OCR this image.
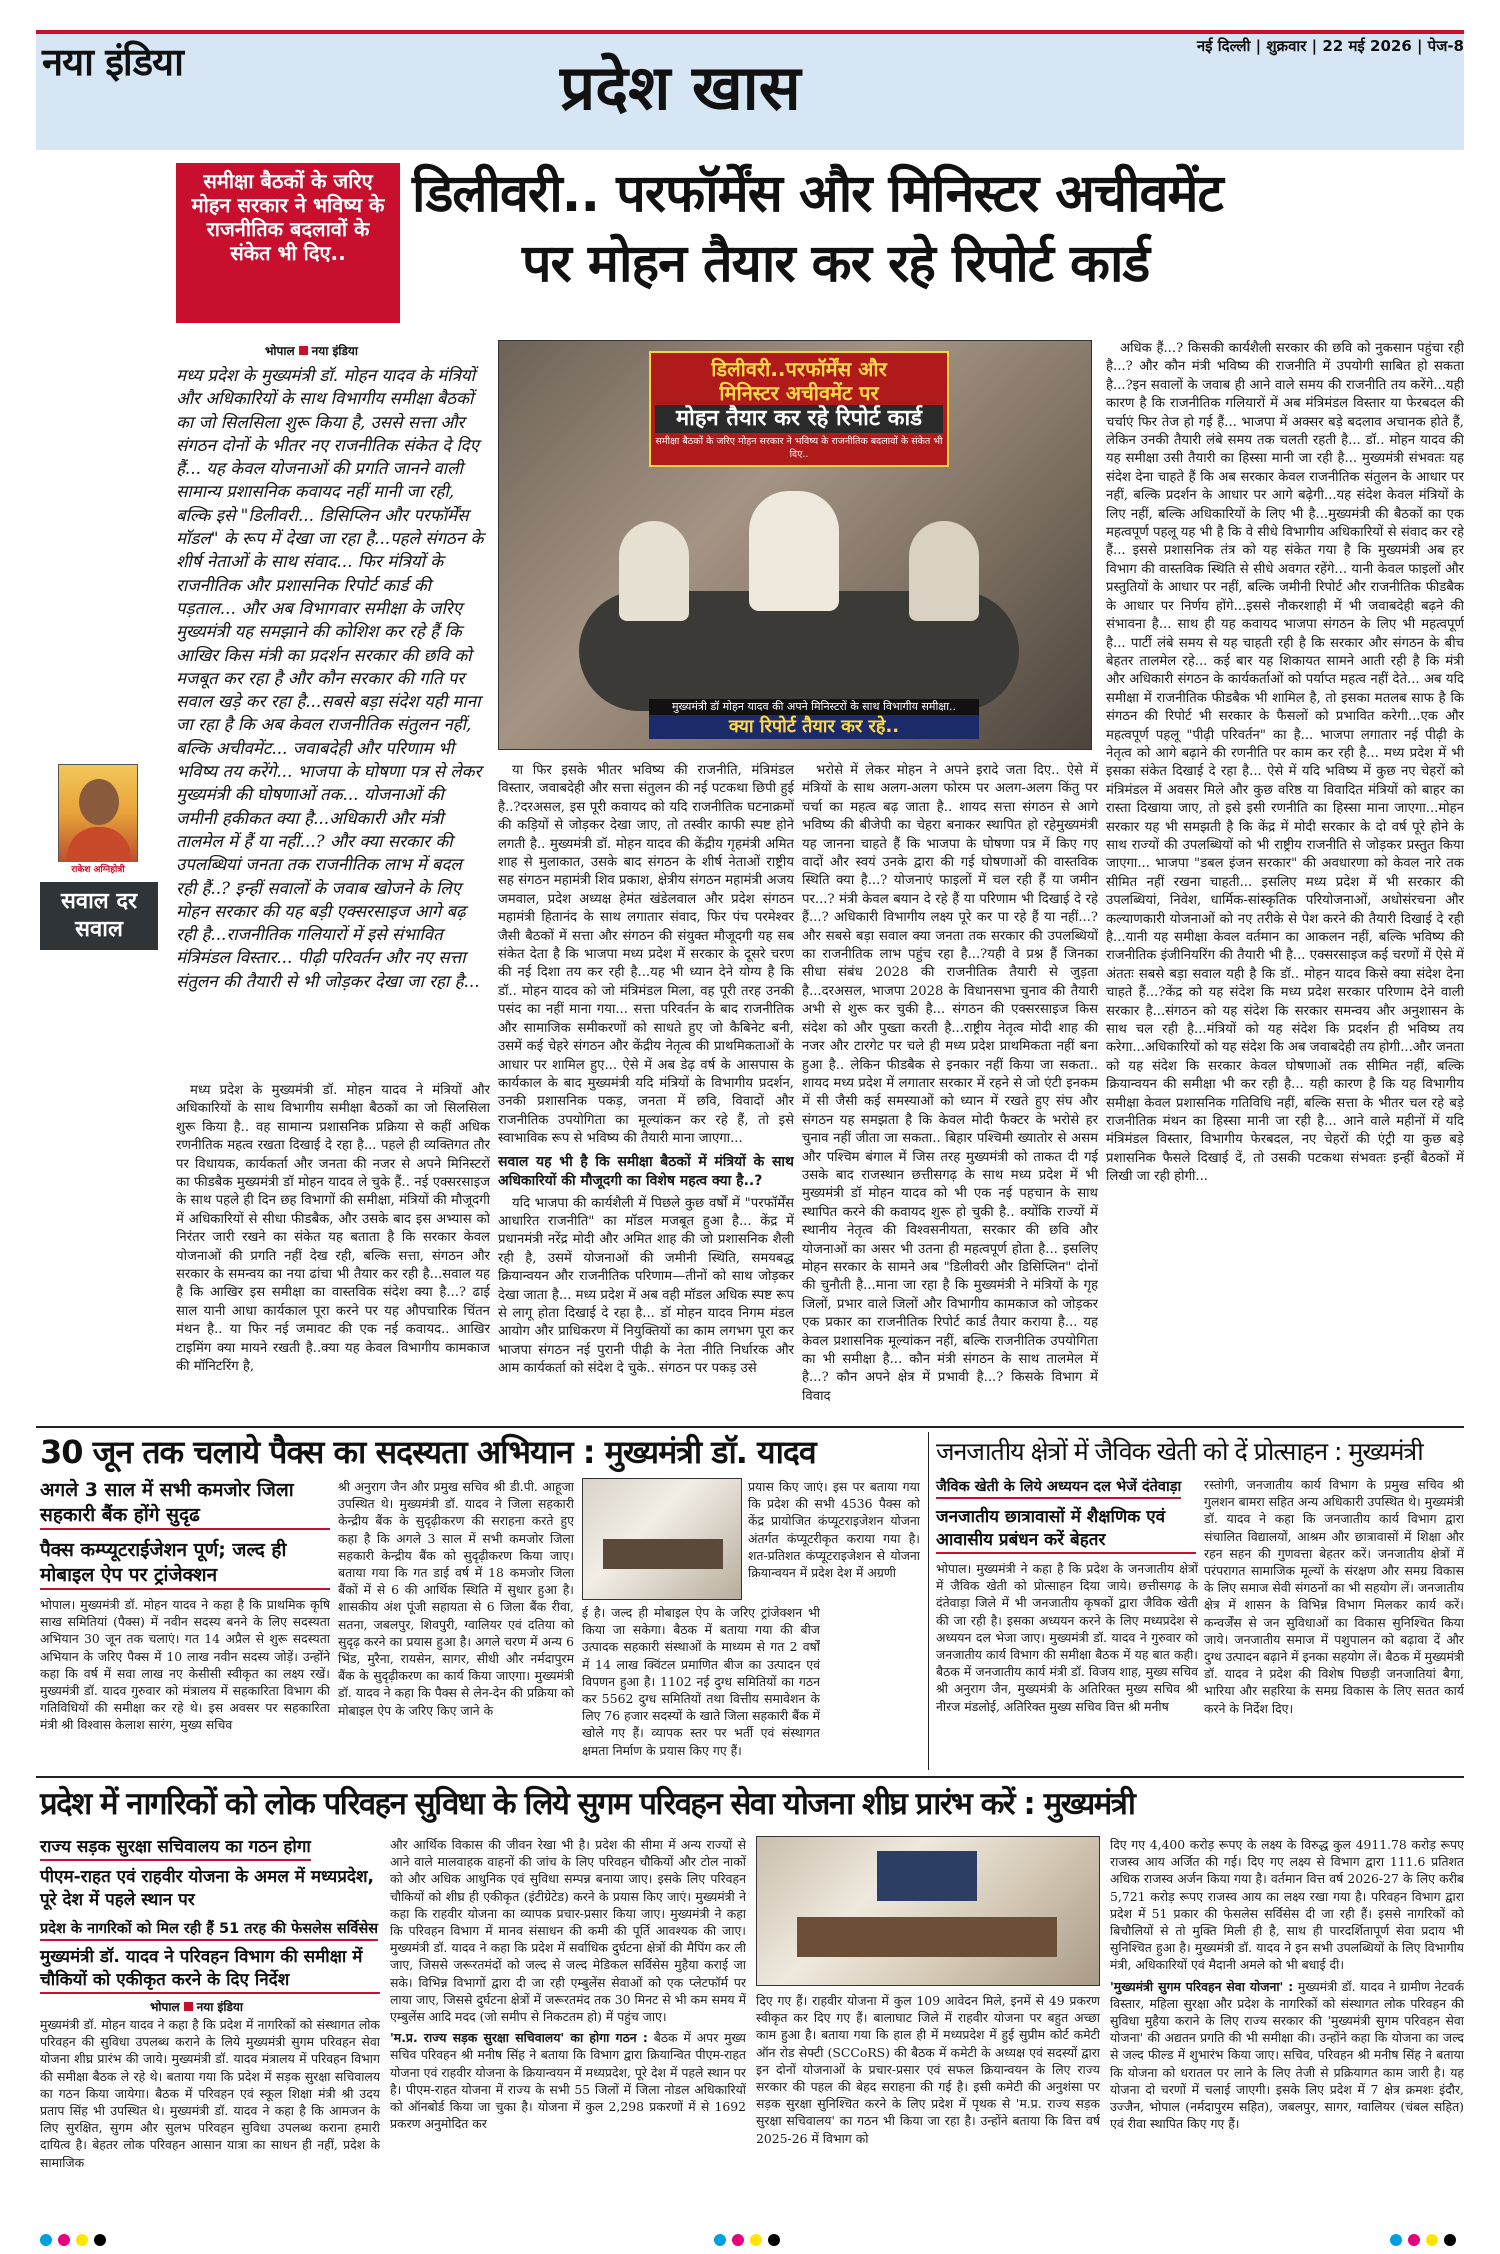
नया इंडिया	प्रदेश खास
नई दिल्ली | शुक्रवार | 22 मई 2026 | पेज-8
समीक्षा बैठकों के जरिए मोहन सरकार ने भविष्य के राजनीतिक बदलावों के संकेत भी दिए..
डिलीवरी.. परफॉर्मेंस और मिनिस्टर अचीवमेंट
पर मोहन तैयार कर रहे रिपोर्ट कार्ड
भोपाल नया इंडिया
मध्य प्रदेश के मुख्यमंत्री डॉ. मोहन यादव के मंत्रियों और अधिकारियों के साथ विभागीय समीक्षा बैठकों का जो सिलसिला शुरू किया है, उससे सत्ता और संगठन दोनों के भीतर नए राजनीतिक संकेत दे दिए हैं... यह केवल योजनाओं की प्रगति जानने वाली सामान्य प्रशासनिक कवायद नहीं मानी जा रही, बल्कि इसे "डिलीवरी... डिसिप्लिन और परफॉर्मेंस मॉडल" के रूप में देखा जा रहा है...पहले संगठन के शीर्ष नेताओं के साथ संवाद... फिर मंत्रियों के राजनीतिक और प्रशासनिक रिपोर्ट कार्ड की पड़ताल... और अब विभागवार समीक्षा के जरिए मुख्यमंत्री यह समझाने की कोशिश कर रहे हैं कि आखिर किस मंत्री का प्रदर्शन सरकार की छवि को मजबूत कर रहा है और कौन सरकार की गति पर सवाल खड़े कर रहा है...सबसे बड़ा संदेश यही माना जा रहा है कि अब केवल राजनीतिक संतुलन नहीं, बल्कि अचीवमेंट... जवाबदेही और परिणाम भी भविष्य तय करेंगे... भाजपा के घोषणा पत्र से लेकर मुख्यमंत्री की घोषणाओं तक... योजनाओं की जमीनी हकीकत क्या है...अधिकारी और मंत्री तालमेल में हैं या नहीं...? और क्या सरकार की उपलब्धियां जनता तक राजनीतिक लाभ में बदल रही हैं..? इन्हीं सवालों के जवाब खोजने के लिए मोहन सरकार की यह बड़ी एक्सरसाइज आगे बढ़ रही है...राजनीतिक गलियारों में इसे संभावित मंत्रिमंडल विस्तार... पीढ़ी परिवर्तन और नए सत्ता संतुलन की तैयारी से भी जोड़कर देखा जा रहा है...
राकेश अग्निहोत्री
सवाल दर सवाल
डिलीवरी..परफॉर्मेंस और
मिनिस्टर अचीवमेंट पर
मोहन तैयार कर रहे रिपोर्ट कार्ड
समीक्षा बैठकों के जरिए मोहन सरकार ने भविष्य के राजनीतिक बदलावों के संकेत भी दिए..
मुख्यमंत्री डॉ मोहन यादव की अपने मिनिस्टरों के साथ विभागीय समीक्षा..
क्या रिपोर्ट तैयार कर रहे..
मध्य प्रदेश के मुख्यमंत्री डॉ. मोहन यादव ने मंत्रियों और अधिकारियों के साथ विभागीय समीक्षा बैठकों का जो सिलसिला शुरू किया है.. वह सामान्य प्रशासनिक प्रक्रिया से कहीं अधिक रणनीतिक महत्व रखता दिखाई दे रहा है... पहले ही व्यक्तिगत तौर पर विधायक, कार्यकर्ता और जनता की नजर से अपने मिनिस्टरों का फीडबैक मुख्यमंत्री डॉ मोहन यादव ले चुके हैं.. नई एक्सरसाइज के साथ पहले ही दिन छह विभागों की समीक्षा, मंत्रियों की मौजूदगी में अधिकारियों से सीधा फीडबैक, और उसके बाद इस अभ्यास को निरंतर जारी रखने का संकेत यह बताता है कि सरकार केवल योजनाओं की प्रगति नहीं देख रही, बल्कि सत्ता, संगठन और सरकार के समन्वय का नया ढांचा भी तैयार कर रही है...सवाल यह है कि आखिर इस समीक्षा का वास्तविक संदेश क्या है...? ढाई साल यानी आधा कार्यकाल पूरा करने पर यह औपचारिक चिंतन मंथन है.. या फिर नई जमावट की एक नई कवायद.. आखिर टाइमिंग क्या मायने रखती है..क्या यह केवल विभागीय कामकाज की मॉनिटरिंग है,

या फिर इसके भीतर भविष्य की राजनीति, मंत्रिमंडल विस्तार, जवाबदेही और सत्ता संतुलन की नई पटकथा छिपी हुई है..?दरअसल, इस पूरी कवायद को यदि राजनीतिक घटनाक्रमों की कड़ियों से जोड़कर देखा जाए, तो तस्वीर काफी स्पष्ट होने लगती है.. मुख्यमंत्री डॉ. मोहन यादव की केंद्रीय गृहमंत्री अमित शाह से मुलाकात, उसके बाद संगठन के शीर्ष नेताओं राष्ट्रीय सह संगठन महामंत्री शिव प्रकाश, क्षेत्रीय संगठन महामंत्री अजय जमवाल, प्रदेश अध्यक्ष हेमंत खंडेलवाल और प्रदेश संगठन महामंत्री हितानंद के साथ लगातार संवाद, फिर पंच परमेश्वर जैसी बैठकों में सत्ता और संगठन की संयुक्त मौजूदगी यह सब संकेत देता है कि भाजपा मध्य प्रदेश में सरकार के दूसरे चरण की नई दिशा तय कर रही है...यह भी ध्यान देने योग्य है कि डॉ.. मोहन यादव को जो मंत्रिमंडल मिला, वह पूरी तरह उनकी पसंद का नहीं माना गया... सत्ता परिवर्तन के बाद राजनीतिक और सामाजिक समीकरणों को साधते हुए जो कैबिनेट बनी, उसमें कई चेहरे संगठन और केंद्रीय नेतृत्व की प्राथमिकताओं के आधार पर शामिल हुए... ऐसे में अब डेढ़ वर्ष के आसपास के कार्यकाल के बाद मुख्यमंत्री यदि मंत्रियों के विभागीय प्रदर्शन, उनकी प्रशासनिक पकड़, जनता में छवि, विवादों और राजनीतिक उपयोगिता का मूल्यांकन कर रहे हैं, तो इसे स्वाभाविक रूप से भविष्य की तैयारी माना जाएगा...

सवाल यह भी है कि समीक्षा बैठकों में मंत्रियों के साथ अधिकारियों की मौजूदगी का विशेष महत्व क्या है..?

यदि भाजपा की कार्यशैली में पिछले कुछ वर्षों में "परफॉर्मेंस आधारित राजनीति" का मॉडल मजबूत हुआ है... केंद्र में प्रधानमंत्री नरेंद्र मोदी और अमित शाह की जो प्रशासनिक शैली रही है, उसमें योजनाओं की जमीनी स्थिति, समयबद्ध क्रियान्वयन और राजनीतिक परिणाम—तीनों को साथ जोड़कर देखा जाता है... मध्य प्रदेश में अब वही मॉडल अधिक स्पष्ट रूप से लागू होता दिखाई दे रहा है... डॉ मोहन यादव निगम मंडल आयोग और प्राधिकरण में नियुक्तियों का काम लगभग पूरा कर भाजपा संगठन नई पुरानी पीढ़ी के नेता नीति निर्धारक और आम कार्यकर्ता को संदेश दे चुके.. संगठन पर पकड़ उसे

भरोसे में लेकर मोहन ने अपने इरादे जता दिए.. ऐसे में मंत्रियों के साथ अलग-अलग फोरम पर अलग-अलग किंतु पर चर्चा का महत्व बढ़ जाता है.. शायद सत्ता संगठन से आगे भविष्य की बीजेपी का चेहरा बनाकर स्थापित हो रहेमुख्यमंत्री यह जानना चाहते हैं कि भाजपा के घोषणा पत्र में किए गए वादों और स्वयं उनके द्वारा की गई घोषणाओं की वास्तविक स्थिति क्या है...? योजनाएं फाइलों में चल रही हैं या जमीन पर...? मंत्री केवल बयान दे रहे हैं या परिणाम भी दिखाई दे रहे हैं...? अधिकारी विभागीय लक्ष्य पूरे कर पा रहे हैं या नहीं...? और सबसे बड़ा सवाल क्या जनता तक सरकार की उपलब्धियों का राजनीतिक लाभ पहुंच रहा है...?यही वे प्रश्न हैं जिनका सीधा संबंध 2028 की राजनीतिक तैयारी से जुड़ता है...दरअसल, भाजपा 2028 के विधानसभा चुनाव की तैयारी अभी से शुरू कर चुकी है... संगठन की एक्सरसाइज किस संदेश को और पुख्ता करती है...राष्ट्रीय नेतृत्व मोदी शाह की नजर और टारगेट पर चले ही मध्य प्रदेश प्राथमिकता नहीं बना हुआ है.. लेकिन फीडबैक से इनकार नहीं किया जा सकता.. शायद मध्य प्रदेश में लगातार सरकार में रहने से जो एंटी इनकम में सी जैसी कई समस्याओं को ध्यान में रखते हुए संघ और संगठन यह समझता है कि केवल मोदी फैक्टर के भरोसे हर चुनाव नहीं जीता जा सकता.. बिहार पश्चिमी ख्यातोर से असम और पश्चिम बंगाल में जिस तरह मुख्यमंत्री को ताकत दी गई उसके बाद राजस्थान छत्तीसगढ़ के साथ मध्य प्रदेश में भी मुख्यमंत्री डॉ मोहन यादव को भी एक नई पहचान के साथ स्थापित करने की कवायद शुरू हो चुकी है.. क्योंकि राज्यों में स्थानीय नेतृत्व की विश्वसनीयता, सरकार की छवि और योजनाओं का असर भी उतना ही महत्वपूर्ण होता है... इसलिए मोहन सरकार के सामने अब "डिलीवरी और डिसिप्लिन" दोनों की चुनौती है...माना जा रहा है कि मुख्यमंत्री ने मंत्रियों के गृह जिलों, प्रभार वाले जिलों और विभागीय कामकाज को जोड़कर एक प्रकार का राजनीतिक रिपोर्ट कार्ड तैयार कराया है... यह केवल प्रशासनिक मूल्यांकन नहीं, बल्कि राजनीतिक उपयोगिता का भी समीक्षा है... कौन मंत्री संगठन के साथ तालमेल में है...? कौन अपने क्षेत्र में प्रभावी है...? किसके विभाग में विवाद
अधिक हैं...? किसकी कार्यशैली सरकार की छवि को नुकसान पहुंचा रही है...? और कौन मंत्री भविष्य की राजनीति में उपयोगी साबित हो सकता है...?इन सवालों के जवाब ही आने वाले समय की राजनीति तय करेंगे...यही कारण है कि राजनीतिक गलियारों में अब मंत्रिमंडल विस्तार या फेरबदल की चर्चाएं फिर तेज हो गई हैं... भाजपा में अक्सर बड़े बदलाव अचानक होते हैं, लेकिन उनकी तैयारी लंबे समय तक चलती रहती है... डॉ.. मोहन यादव की यह समीक्षा उसी तैयारी का हिस्सा मानी जा रही है... मुख्यमंत्री संभवतः यह संदेश देना चाहते हैं कि अब सरकार केवल राजनीतिक संतुलन के आधार पर नहीं, बल्कि प्रदर्शन के आधार पर आगे बढ़ेगी...यह संदेश केवल मंत्रियों के लिए नहीं, बल्कि अधिकारियों के लिए भी है...मुख्यमंत्री की बैठकों का एक महत्वपूर्ण पहलू यह भी है कि वे सीधे विभागीय अधिकारियों से संवाद कर रहे हैं... इससे प्रशासनिक तंत्र को यह संकेत गया है कि मुख्यमंत्री अब हर विभाग की वास्तविक स्थिति से सीधे अवगत रहेंगे... यानी केवल फाइलों और प्रस्तुतियों के आधार पर नहीं, बल्कि जमीनी रिपोर्ट और राजनीतिक फीडबैक के आधार पर निर्णय होंगे...इससे नौकरशाही में भी जवाबदेही बढ़ने की संभावना है... साथ ही यह कवायद भाजपा संगठन के लिए भी महत्वपूर्ण है... पार्टी लंबे समय से यह चाहती रही है कि सरकार और संगठन के बीच बेहतर तालमेल रहे... कई बार यह शिकायत सामने आती रही है कि मंत्री और अधिकारी संगठन के कार्यकर्ताओं को पर्याप्त महत्व नहीं देते... अब यदि समीक्षा में राजनीतिक फीडबैक भी शामिल है, तो इसका मतलब साफ है कि संगठन की रिपोर्ट भी सरकार के फैसलों को प्रभावित करेगी...एक और महत्वपूर्ण पहलू "पीढ़ी परिवर्तन" का है... भाजपा लगातार नई पीढ़ी के नेतृत्व को आगे बढ़ाने की रणनीति पर काम कर रही है... मध्य प्रदेश में भी इसका संकेत दिखाई दे रहा है... ऐसे में यदि भविष्य में कुछ नए चेहरों को मंत्रिमंडल में अवसर मिले और कुछ वरिष्ठ या विवादित मंत्रियों को बाहर का रास्ता दिखाया जाए, तो इसे इसी रणनीति का हिस्सा माना जाएगा...मोहन सरकार यह भी समझती है कि केंद्र में मोदी सरकार के दो वर्ष पूरे होने के साथ राज्यों की उपलब्धियों को भी राष्ट्रीय राजनीति से जोड़कर प्रस्तुत किया जाएगा... भाजपा "डबल इंजन सरकार" की अवधारणा को केवल नारे तक सीमित नहीं रखना चाहती... इसलिए मध्य प्रदेश में भी सरकार की उपलब्धियां, निवेश, धार्मिक-सांस्कृतिक परियोजनाओं, अधोसंरचना और कल्याणकारी योजनाओं को नए तरीके से पेश करने की तैयारी दिखाई दे रही है...यानी यह समीक्षा केवल वर्तमान का आकलन नहीं, बल्कि भविष्य की राजनीतिक इंजीनियरिंग की तैयारी भी है... एक्सरसाइज कई चरणों में ऐसे में अंततः सबसे बड़ा सवाल यही है कि डॉ.. मोहन यादव किसे क्या संदेश देना चाहते हैं...?केंद्र को यह संदेश कि मध्य प्रदेश सरकार परिणाम देने वाली सरकार है...संगठन को यह संदेश कि सरकार समन्वय और अनुशासन के साथ चल रही है...मंत्रियों को यह संदेश कि प्रदर्शन ही भविष्य तय करेगा...अधिकारियों को यह संदेश कि अब जवाबदेही तय होगी...और जनता को यह संदेश कि सरकार केवल घोषणाओं तक सीमित नहीं, बल्कि क्रियान्वयन की समीक्षा भी कर रही है... यही कारण है कि यह विभागीय समीक्षा केवल प्रशासनिक गतिविधि नहीं, बल्कि सत्ता के भीतर चल रहे बड़े राजनीतिक मंथन का हिस्सा मानी जा रही है... आने वाले महीनों में यदि मंत्रिमंडल विस्तार, विभागीय फेरबदल, नए चेहरों की एंट्री या कुछ बड़े प्रशासनिक फैसले दिखाई दें, तो उसकी पटकथा संभवतः इन्हीं बैठकों में लिखी जा रही होगी...
30 जून तक चलाये पैक्स का सदस्यता अभियान : मुख्यमंत्री डॉ. यादव
अगले 3 साल में सभी कमजोर जिला सहकारी बैंक होंगे सुदृढ
पैक्स कम्प्यूटराईजेशन पूर्ण; जल्द ही मोबाइल ऐप पर ट्रांजेक्शन
भोपाल। मुख्यमंत्री डॉ. मोहन यादव ने कहा है कि प्राथमिक कृषि साख समितियां (पैक्स) में नवीन सदस्य बनने के लिए सदस्यता अभियान 30 जून तक चलाएं। गत 14 अप्रैल से शुरू सदस्यता अभियान के जरिए पैक्स में 10 लाख नवीन सदस्य जोड़ें। उन्होंने कहा कि वर्ष में सवा लाख नए केसीसी स्वीकृत का लक्ष्य रखें। मुख्यमंत्री डॉ. यादव गुरुवार को मंत्रालय में सहकारिता विभाग की गतिविधियों की समीक्षा कर रहे थे। इस अवसर पर सहकारिता मंत्री श्री विश्वास केलाश सारंग, मुख्य सचिव
श्री अनुराग जैन और प्रमुख सचिव श्री डी.पी. आहूजा उपस्थित थे। मुख्यमंत्री डॉ. यादव ने जिला सहकारी केन्द्रीय बैंक के सुदृढ़ीकरण की सराहना करते हुए कहा है कि अगले 3 साल में सभी कमजोर जिला सहकारी केन्द्रीय बैंक को सुदृढ़ीकरण किया जाए। बताया गया कि गत डाई वर्ष में 18 कमजोर जिला बैंकों में से 6 की आर्थिक स्थिति में सुधार हुआ है। शासकीय अंश पूंजी सहायता से 6 जिला बैंक रीवा, सतना, जबलपुर, शिवपुरी, ग्वालियर एवं दतिया को सुदृढ़ करने का प्रयास हुआ है। अगले चरण में अन्य 6 भिंड, मुरैना, रायसेन, सागर, सीधी और नर्मदापुरम बैंक के सुदृढ़ीकरण का कार्य किया जाएगा। मुख्यमंत्री डॉ. यादव ने कहा कि पैक्स से लेन-देन की प्रक्रिया को मोबाइल ऐप के जरिए किए जाने के
ई है। जल्द ही मोबाइल ऐप के जरिए ट्रांजेक्शन भी किया जा सकेगा। बैठक में बताया गया की बीज उत्पादक सहकारी संस्थाओं के माध्यम से गत 2 वर्षों में 14 लाख क्विंटल प्रमाणित बीज का उत्पादन एवं विपणन हुआ है। 1102 नई दुग्ध समितियों का गठन कर 5562 दुग्ध समितियों तथा वित्तीय समावेशन के लिए 76 हजार सदस्यों के खाते जिला सहकारी बैंक में खोले गए हैं। व्यापक स्तर पर भर्ती एवं संस्थागत क्षमता निर्माण के प्रयास किए गए हैं।
प्रयास किए जाएं। इस पर बताया गया कि प्रदेश की सभी 4536 पैक्स को केंद्र प्रायोजित कंप्यूटराइजेशन योजना अंतर्गत कंप्यूटरीकृत कराया गया है। शत-प्रतिशत कंप्यूटराइजेशन से योजना क्रियान्वयन में प्रदेश देश में अग्रणी
जनजातीय क्षेत्रों में जैविक खेती को दें प्रोत्साहन : मुख्यमंत्री
जैविक खेती के लिये अध्ययन दल भेजें दंतेवाड़ा
जनजातीय छात्रावासों में शैक्षणिक एवं आवासीय प्रबंधन करें बेहतर
भोपाल। मुख्यमंत्री ने कहा है कि प्रदेश के जनजातीय क्षेत्रों में जैविक खेती को प्रोत्साहन दिया जाये। छत्तीसगढ़ के दंतेवाड़ा जिले में भी जनजातीय कृषकों द्वारा जैविक खेती की जा रही है। इसका अध्ययन करने के लिए मध्यप्रदेश से अध्ययन दल भेजा जाए। मुख्यमंत्री डॉ. यादव ने गुरुवार को जनजातीय कार्य विभाग की समीक्षा बैठक में यह बात कही। बैठक में जनजातीय कार्य मंत्री डॉ. विजय शाह, मुख्य सचिव श्री अनुराग जैन, मुख्यमंत्री के अतिरिक्त मुख्य सचिव श्री नीरज मंडलोई, अतिरिक्त मुख्य सचिव वित्त श्री मनीष
रस्तोगी, जनजातीय कार्य विभाग के प्रमुख सचिव श्री गुलशन बामरा सहित अन्य अधिकारी उपस्थित थे। मुख्यमंत्री डॉ. यादव ने कहा कि जनजातीय कार्य विभाग द्वारा संचालित विद्यालयों, आश्रम और छात्रावासों में शिक्षा और रहन सहन की गुणवत्ता बेहतर करें। जनजातीय क्षेत्रों में परंपरागत सामाजिक मूल्यों के संरक्षण और समग्र विकास के लिए समाज सेवी संगठनों का भी सहयोग लें। जनजातीय क्षेत्र में शासन के विभिन्न विभाग मिलकर कार्य करें। कन्वर्जेंस से जन सुविधाओं का विकास सुनिश्चित किया जाये। जनजातीय समाज में पशुपालन को बढ़ावा दें और दुग्ध उत्पादन बढ़ाने में इनका सहयोग लें। बैठक में मुख्यमंत्री डॉ. यादव ने प्रदेश की विशेष पिछड़ी जनजातियां बैगा, भारिया और सहरिया के समग्र विकास के लिए सतत कार्य करने के निर्देश दिए।
प्रदेश में नागरिकों को लोक परिवहन सुविधा के लिये सुगम परिवहन सेवा योजना शीघ्र प्रारंभ करें : मुख्यमंत्री
राज्य सड़क सुरक्षा सचिवालय का गठन होगा
पीएम-राहत एवं राहवीर योजना के अमल में मध्यप्रदेश, पूरे देश में पहले स्थान पर
प्रदेश के नागरिकों को मिल रही हैं 51 तरह की फेसलेस सर्विसेस
मुख्यमंत्री डॉ. यादव ने परिवहन विभाग की समीक्षा में चौकियों को एकीकृत करने के दिए निर्देश
भोपाल नया इंडिया
मुख्यमंत्री डॉ. मोहन यादव ने कहा है कि प्रदेश में नागरिकों को संस्थागत लोक परिवहन की सुविधा उपलब्ध कराने के लिये मुख्यमंत्री सुगम परिवहन सेवा योजना शीघ्र प्रारंभ की जाये। मुख्यमंत्री डॉ. यादव मंत्रालय में परिवहन विभाग की समीक्षा बैठक ले रहे थे। बताया गया कि प्रदेश में सड़क सुरक्षा सचिवालय का गठन किया जायेगा। बैठक में परिवहन एवं स्कूल शिक्षा मंत्री श्री उदय प्रताप सिंह भी उपस्थित थे। मुख्यमंत्री डॉ. यादव ने कहा है कि आमजन के लिए सुरक्षित, सुगम और सुलभ परिवहन सुविधा उपलब्ध कराना हमारी दायित्व है। बेहतर लोक परिवहन आसान यात्रा का साधन ही नहीं, प्रदेश के सामाजिक

और आर्थिक विकास की जीवन रेखा भी है। प्रदेश की सीमा में अन्य राज्यों से आने वाले मालवाहक वाहनों की जांच के लिए परिवहन चौकियों और टोल नाकों को और अधिक आधुनिक एवं सुविधा सम्पन्न बनाया जाए। इसके लिए परिवहन चौकियों को शीघ्र ही एकीकृत (इंटीग्रेटेड) करने के प्रयास किए जाएं। मुख्यमंत्री ने कहा कि राहवीर योजना का व्यापक प्रचार-प्रसार किया जाए। मुख्यमंत्री ने कहा कि परिवहन विभाग में मानव संसाधन की कमी की पूर्ति आवश्यक की जाए। मुख्यमंत्री डॉ. यादव ने कहा कि प्रदेश में सर्वाधिक दुर्घटना क्षेत्रों की मैपिंग कर ली जाए, जिससे जरूरतमंदों को जल्द से जल्द मेडिकल सर्विसेस मुहैया कराई जा सके। विभिन्न विभागों द्वारा दी जा रही एम्बुलेंस सेवाओं को एक प्लेटफॉर्म पर लाया जाए, जिससे दुर्घटना क्षेत्रों में जरूरतमंद तक 30 मिनट से भी कम समय में एम्बुलेंस आदि मदद (जो समीप से निकटतम हो) में पहुंच जाए।

'म.प्र. राज्य सड़क सुरक्षा सचिवालय' का होगा गठन : बैठक में अपर मुख्य सचिव परिवहन श्री मनीष सिंह ने बताया कि विभाग द्वारा क्रियान्वित पीएम-राहत योजना एवं राहवीर योजना के क्रियान्वयन में मध्यप्रदेश, पूरे देश में पहले स्थान पर है। पीएम-राहत योजना में राज्य के सभी 55 जिलों में जिला नोडल अधिकारियों को ऑनबोर्ड किया जा चुका है। योजना में कुल 2,298 प्रकरणों में से 1692 प्रकरण अनुमोदित कर

दिए गए हैं। राहवीर योजना में कुल 109 आवेदन मिले, इनमें से 49 प्रकरण स्वीकृत कर दिए गए हैं। बालाघाट जिले में राहवीर योजना पर बहुत अच्छा काम हुआ है। बताया गया कि हाल ही में मध्यप्रदेश में हुई सुप्रीम कोर्ट कमेटी ऑन रोड सेफ्टी (SCCoRS) की बैठक में कमेटी के अध्यक्ष एवं सदस्यों द्वारा इन दोनों योजनाओं के प्रचार-प्रसार एवं सफल क्रियान्वयन के लिए राज्य सरकार की पहल की बेहद सराहना की गई है। इसी कमेटी की अनुशंसा पर सड़क सुरक्षा सुनिश्चित करने के लिए प्रदेश में पृथक से 'म.प्र. राज्य सड़क सुरक्षा सचिवालय' का गठन भी किया जा रहा है। उन्होंने बताया कि वित्त वर्ष 2025-26 में विभाग को

दिए गए 4,400 करोड़ रूपए के लक्ष्य के विरुद्ध कुल 4911.78 करोड़ रूपए राजस्व आय अर्जित की गई। दिए गए लक्ष्य से विभाग द्वारा 111.6 प्रतिशत अधिक राजस्व अर्जन किया गया है। वर्तमान वित्त वर्ष 2026-27 के लिए करीब 5,721 करोड़ रूपए राजस्व आय का लक्ष्य रखा गया है। परिवहन विभाग द्वारा प्रदेश में 51 प्रकार की फेसलेस सर्विसेस दी जा रही हैं। इससे नागरिकों को बिचौलियों से तो मुक्ति मिली ही है, साथ ही पारदर्शितापूर्ण सेवा प्रदाय भी सुनिश्चित हुआ है। मुख्यमंत्री डॉ. यादव ने इन सभी उपलब्धियों के लिए विभागीय मंत्री, अधिकारियों एवं मैदानी अमले को भी बधाई दी।

'मुख्यमंत्री सुगम परिवहन सेवा योजना' : मुख्यमंत्री डॉ. यादव ने ग्रामीण नेटवर्क विस्तार, महिला सुरक्षा और प्रदेश के नागरिकों को संस्थागत लोक परिवहन की सुविधा मुहैया कराने के लिए राज्य सरकार की 'मुख्यमंत्री सुगम परिवहन सेवा योजना' की अद्यतन प्रगति की भी समीक्षा की। उन्होंने कहा कि योजना का जल्द से जल्द फील्ड में शुभारंभ किया जाए। सचिव, परिवहन श्री मनीष सिंह ने बताया कि योजना को धरातल पर लाने के लिए तेजी से प्रक्रियागत काम जारी है। यह योजना दो चरणों में चलाई जाएगी। इसके लिए प्रदेश में 7 क्षेत्र क्रमशः इंदौर, उज्जैन, भोपाल (नर्मदापुरम सहित), जबलपुर, सागर, ग्वालियर (चंबल सहित) एवं रीवा स्थापित किए गए हैं।
